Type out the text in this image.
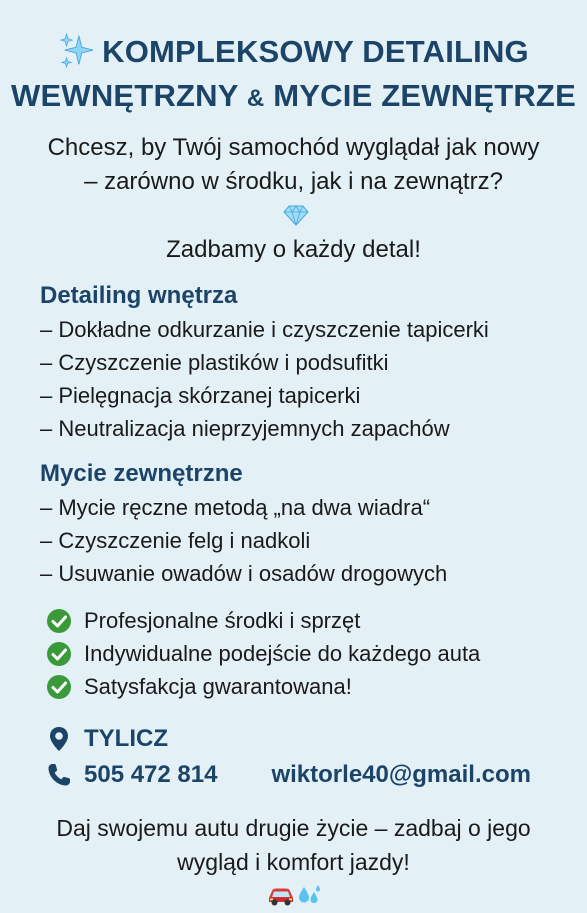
KOMPLEKSOWY DETAILING
WEWNĘTRZNY & MYCIE ZEWNĘTRZE
Chcesz, by Twój samochód wyglądał jak nowy
– zarówno w środku, jak i na zewnątrz?
Zadbamy o każdy detal!
Detailing wnętrza
– Dokładne odkurzanie i czyszczenie tapicerki
– Czyszczenie plastików i podsufitki
– Pielęgnacja skórzanej tapicerki
– Neutralizacja nieprzyjemnych zapachów
Mycie zewnętrzne
– Mycie ręczne metodą „na dwa wiadra“
– Czyszczenie felg i nadkoli
– Usuwanie owadów i osadów drogowych
Profesjonalne środki i sprzęt
Indywidualne podejście do każdego auta
Satysfakcja gwarantowana!
TYLICZ
505 472 814 wiktorle40@gmail.com
Daj swojemu autu drugie życie – zadbaj o jego
wygląd i komfort jazdy!
